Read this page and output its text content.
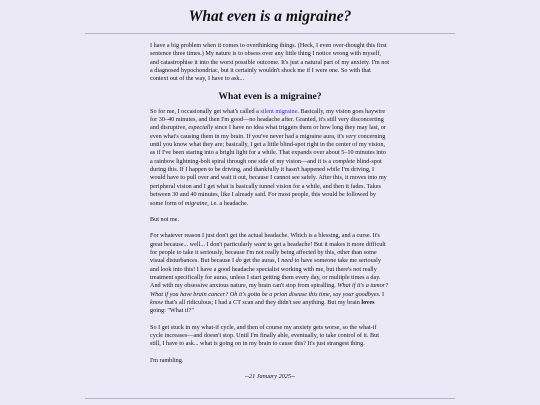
What even is a migraine?

I have a big problem when it comes to overthinking things. (Heck, I even over-thought this first sentence three times.) My nature is to obsess over any little thing I notice wrong with myself, and catastrophise it into the worst possible outcome. It's just a natural part of my anxiety. I'm not a diagnosed hypochondriac, but it certainly wouldn't shock me if I were one. So with that context out of the way, I have to ask...

What even is a migraine?

So for me, I occasionally get what's called a silent migraine. Basically, my vision goes haywire for 30–40 minutes, and then I'm good—no headache after. Granted, it's still very disconcerting and disruptive, especially since I have no idea what triggers them or how long they may last, or even what's causing them in my brain. If you've never had a migraine aura, it's very concerning until you know what they are; basically, I get a little blind-spot right in the center of my vision, as if I've been staring into a bright light for a while. That expands over about 5–10 minutes into a rainbow lightning-bolt spiral through one side of my vision—and it is a complete blind-spot during this. If I happen to be driving, and thankfully it hasn't happened while I'm driving, I would have to pull over and wait it out, because I cannot see safely. After this, it moves into my peripheral vision and I get what is basically tunnel vision for a while, and then it fades. Takes between 30 and 40 minutes, like I already said. For most people, this would be followed by some form of migraine, i.e. a headache.

But not me.

For whatever reason I just don't get the actual headache. Which is a blessing, and a curse. It's great because... well... I don't particularly want to get a headache! But it makes it more difficult for people to take it seriously, because I'm not really being affected by this, other than some visual disturbances. But because I do get the auras, I need to have someone take me seriously and look into this! I have a good headache specialist working with me, but there's not really treatment specifically for auras, unless I start getting them every day, or multiple times a day. And with my obsessive anxious nature, my brain can't stop from spiralling. What if it's a tumor? What if you have brain cancer? Oh it's gotta be a prion disease this time, say your goodbyes. I know that's all ridiculous; I had a CT scan and they didn't see anything. But my brain loves going: "What if?"

So I get stuck in my what-if cycle, and then of course my anxiety gets worse, so the what-if cycle increases—and doesn't stop. Until I'm finally able, eventually, to take control of it. But still, I have to ask... what is going on in my brain to cause this? It's just strangest thing.

I'm rambling.

--21 January 2025--
